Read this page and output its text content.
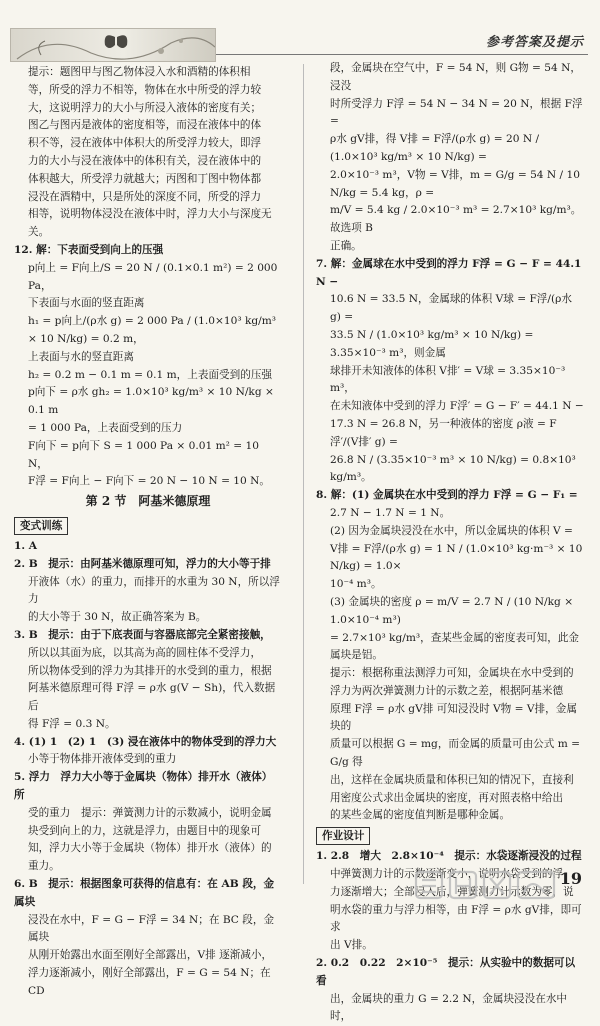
参考答案及提示

提示：题图甲与图乙物体浸入水和酒精的体积相

等，所受的浮力不相等，物体在水中所受的浮力较

大，这说明浮力的大小与所浸入液体的密度有关；

图乙与图丙是液体的密度相等，而浸在液体中的体

积不等，浸在液体中体积大的所受浮力较大，即浮

力的大小与浸在液体中的体积有关，浸在液体中的

体积越大，所受浮力就越大；丙图和丁图中物体都

浸没在酒精中，只是所处的深度不同，所受的浮力

相等，说明物体浸没在液体中时，浮力大小与深度无

关。

12. 解：下表面受到向上的压强

p向上 = F向上/S = 20 N / (0.1×0.1 m²) = 2 000 Pa，

下表面与水面的竖直距离

h₁ = p向上/(ρ水 g) = 2 000 Pa / (1.0×10³ kg/m³ × 10 N/kg) = 0.2 m，

上表面与水的竖直距离

h₂ = 0.2 m − 0.1 m = 0.1 m，上表面受到的压强

p向下 = ρ水 gh₂ = 1.0×10³ kg/m³ × 10 N/kg × 0.1 m

= 1 000 Pa，上表面受到的压力

F向下 = p向下 S = 1 000 Pa × 0.01 m² = 10 N，

F浮 = F向上 − F向下 = 20 N − 10 N = 10 N。

第 2 节　阿基米德原理

变式训练

1. A

2. B　提示：由阿基米德原理可知，浮力的大小等于排

开液体（水）的重力，而排开的水重为 30 N，所以浮力

的大小等于 30 N，故正确答案为 B。

3. B　提示：由于下底表面与容器底部完全紧密接触，

所以以其面为底，以其高为高的圆柱体不受浮力，

所以物体受到的浮力为其排开的水受到的重力，根据

阿基米德原理可得 F浮 = ρ水 g(V − Sh)，代入数据后

得 F浮 = 0.3 N。

4. (1) 1　(2) 1　(3) 浸在液体中的物体受到的浮力大

小等于物体排开液体受到的重力

5. 浮力　浮力大小等于金属块（物体）排开水（液体）所

受的重力　提示：弹簧测力计的示数减小，说明金属

块受到向上的力，这就是浮力，由题目中的现象可

知，浮力大小等于金属块（物体）排开水（液体）的重力。

6. B　提示：根据图象可获得的信息有：在 AB 段，金属块

浸没在水中，F = G − F浮 = 34 N；在 BC 段，金属块

从刚开始露出水面至刚好全部露出，V排 逐渐减小，

浮力逐渐减小，刚好全部露出，F = G = 54 N；在 CD

段，金属块在空气中，F = 54 N，则 G物 = 54 N，浸没

时所受浮力 F浮 = 54 N − 34 N = 20 N，根据 F浮 =

ρ水 gV排，得 V排 = F浮/(ρ水 g) = 20 N / (1.0×10³ kg/m³ × 10 N/kg) =

2.0×10⁻³ m³，V物 = V排，m = G/g = 54 N / 10 N/kg = 5.4 kg，ρ =

m/V = 5.4 kg / 2.0×10⁻³ m³ = 2.7×10³ kg/m³。故选项 B

正确。

7. 解：金属球在水中受到的浮力 F浮 = G − F = 44.1 N −

10.6 N = 33.5 N，金属球的体积 V球 = F浮/(ρ水 g) =

33.5 N / (1.0×10³ kg/m³ × 10 N/kg) = 3.35×10⁻³ m³，则金属

球排开未知液体的体积 V排′ = V球 = 3.35×10⁻³ m³，

在未知液体中受到的浮力 F浮′ = G − F′ = 44.1 N −

17.3 N = 26.8 N，另一种液体的密度 ρ液 = F浮′/(V排′ g) =

26.8 N / (3.35×10⁻³ m³ × 10 N/kg) = 0.8×10³ kg/m³。

8. 解：(1) 金属块在水中受到的浮力 F浮 = G − F₁ =

2.7 N − 1.7 N = 1 N。

(2) 因为金属块浸没在水中，所以金属块的体积 V =

V排 = F浮/(ρ水 g) = 1 N / (1.0×10³ kg·m⁻³ × 10 N/kg) = 1.0×

10⁻⁴ m³。

(3) 金属块的密度 ρ = m/V = 2.7 N / (10 N/kg × 1.0×10⁻⁴ m³)

= 2.7×10³ kg/m³，查某些金属的密度表可知，此金

属块是铝。

提示：根据称重法测浮力可知，金属块在水中受到的

浮力为两次弹簧测力计的示数之差，根据阿基米德

原理 F浮 = ρ水 gV排 可知浸没时 V物 = V排，金属块的

质量可以根据 G = mg，而金属的质量可由公式 m = G/g 得

出，这样在金属块质量和体积已知的情况下，直接利

用密度公式求出金属块的密度，再对照表格中给出

的某些金属的密度值判断是哪种金属。

作业设计

1. 2.8　增大　2.8×10⁻⁴　提示：水袋逐渐浸没的过程

中弹簧测力计的示数逐渐变小，说明水袋受到的浮

力逐渐增大；全部浸入后，弹簧测力计示数为零，说

明水袋的重力与浮力相等，由 F浮 = ρ水 gV排，即可求

出 V排。

2. 0.2　0.22　2×10⁻⁵　提示：从实验中的数据可以看

出，金属块的重力 G = 2.2 N，金属块浸没在水中时，

19
